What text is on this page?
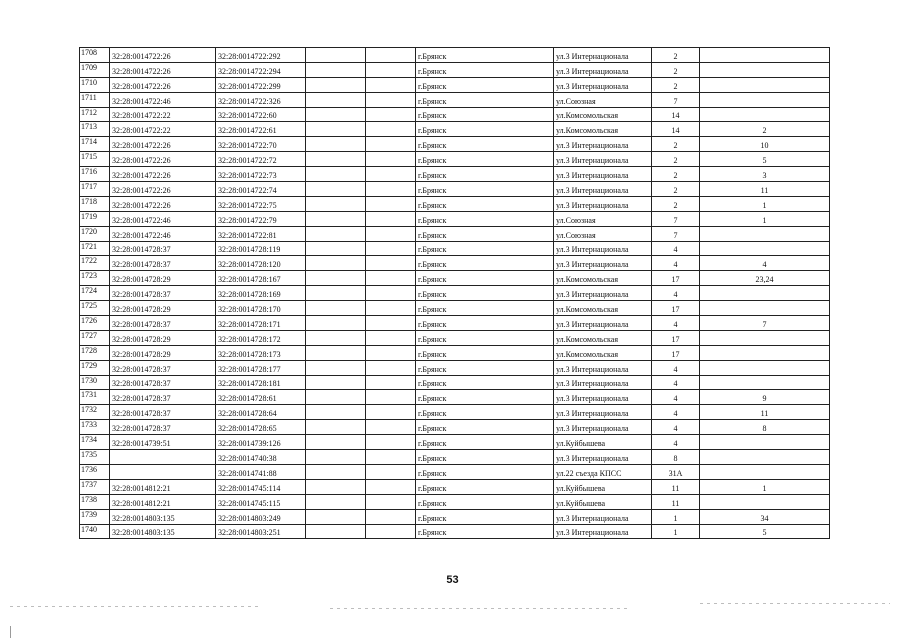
1708	32:28:0014722:26	32:28:0014722:292			г.Брянск	ул.3 Интернационала	2	
1709	32:28:0014722:26	32:28:0014722:294			г.Брянск	ул.3 Интернационала	2	
1710	32:28:0014722:26	32:28:0014722:299			г.Брянск	ул.3 Интернационала	2	
1711	32:28:0014722:46	32:28:0014722:326			г.Брянск	ул.Союзная	7	
1712	32:28:0014722:22	32:28:0014722:60			г.Брянск	ул.Комсомольская	14	
1713	32:28:0014722:22	32:28:0014722:61			г.Брянск	ул.Комсомольская	14	2
1714	32:28:0014722:26	32:28:0014722:70			г.Брянск	ул.3 Интернационала	2	10
1715	32:28:0014722:26	32:28:0014722:72			г.Брянск	ул.3 Интернационала	2	5
1716	32:28:0014722:26	32:28:0014722:73			г.Брянск	ул.3 Интернационала	2	3
1717	32:28:0014722:26	32:28:0014722:74			г.Брянск	ул.3 Интернационала	2	11
1718	32:28:0014722:26	32:28:0014722:75			г.Брянск	ул.3 Интернационала	2	1
1719	32:28:0014722:46	32:28:0014722:79			г.Брянск	ул.Союзная	7	1
1720	32:28:0014722:46	32:28:0014722:81			г.Брянск	ул.Союзная	7	
1721	32:28:0014728:37	32:28:0014728:119			г.Брянск	ул.3 Интернационала	4	
1722	32:28:0014728:37	32:28:0014728:120			г.Брянск	ул.3 Интернационала	4	4
1723	32:28:0014728:29	32:28:0014728:167			г.Брянск	ул.Комсомольская	17	23,24
1724	32:28:0014728:37	32:28:0014728:169			г.Брянск	ул.3 Интернационала	4	
1725	32:28:0014728:29	32:28:0014728:170			г.Брянск	ул.Комсомольская	17	
1726	32:28:0014728:37	32:28:0014728:171			г.Брянск	ул.3 Интернационала	4	7
1727	32:28:0014728:29	32:28:0014728:172			г.Брянск	ул.Комсомольская	17	
1728	32:28:0014728:29	32:28:0014728:173			г.Брянск	ул.Комсомольская	17	
1729	32:28:0014728:37	32:28:0014728:177			г.Брянск	ул.3 Интернационала	4	
1730	32:28:0014728:37	32:28:0014728:181			г.Брянск	ул.3 Интернационала	4	
1731	32:28:0014728:37	32:28:0014728:61			г.Брянск	ул.3 Интернационала	4	9
1732	32:28:0014728:37	32:28:0014728:64			г.Брянск	ул.3 Интернационала	4	11
1733	32:28:0014728:37	32:28:0014728:65			г.Брянск	ул.3 Интернационала	4	8
1734	32:28:0014739:51	32:28:0014739:126			г.Брянск	ул.Куйбышева	4	
1735		32:28:0014740:38			г.Брянск	ул.3 Интернационала	8	
1736		32:28:0014741:88			г.Брянск	ул.22 съезда КПСС	31А	
1737	32:28:0014812:21	32:28:0014745:114			г.Брянск	ул.Куйбышева	11	1
1738	32:28:0014812:21	32:28:0014745:115			г.Брянск	ул.Куйбышева	11	
1739	32:28:0014803:135	32:28:0014803:249			г.Брянск	ул.3 Интернационала	1	34
1740	32:28:0014803:135	32:28:0014803:251			г.Брянск	ул.3 Интернационала	1	5
53
